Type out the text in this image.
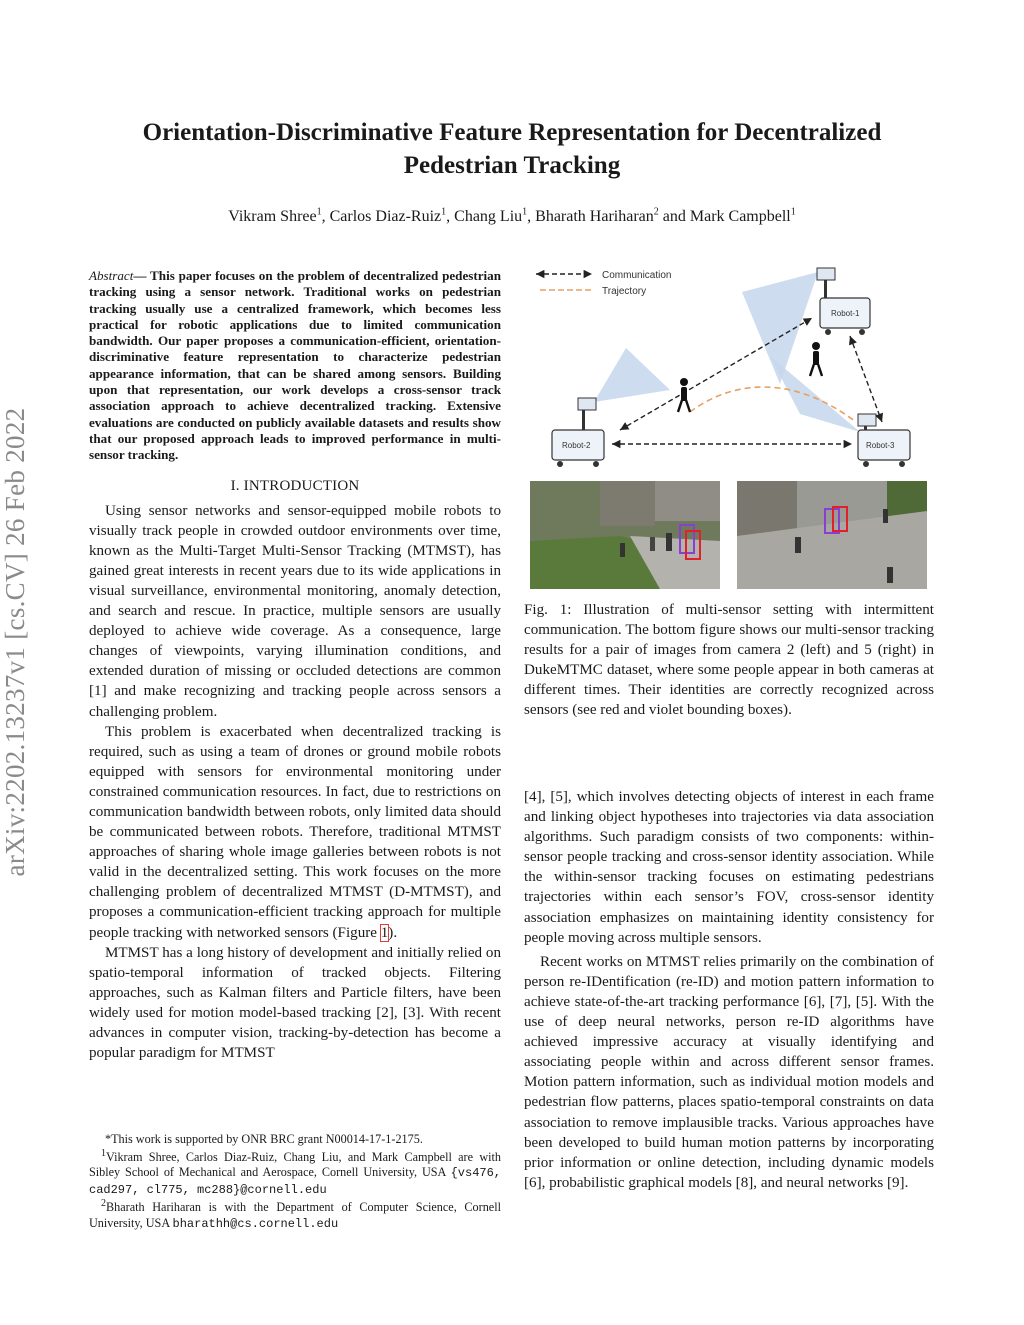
arXiv:2202.13237v1 [cs.CV] 26 Feb 2022
Orientation-Discriminative Feature Representation for Decentralized Pedestrian Tracking
Vikram Shree$^1$, Carlos Diaz-Ruiz$^1$, Chang Liu$^1$, Bharath Hariharan$^2$ and Mark Campbell$^1$

Abstract— This paper focuses on the problem of decentralized pedestrian tracking using a sensor network. Traditional works on pedestrian tracking usually use a centralized framework, which becomes less practical for robotic applications due to limited communication bandwidth. Our paper proposes a communication-efficient, orientation-discriminative feature representation to characterize pedestrian appearance information, that can be shared among sensors. Building upon that representation, our work develops a cross-sensor track association approach to achieve decentralized tracking. Extensive evaluations are conducted on publicly available datasets and results show that our proposed approach leads to improved performance in multi-sensor tracking.

I. INTRODUCTION

Using sensor networks and sensor-equipped mobile robots to visually track people in crowded outdoor environments over time, known as the Multi-Target Multi-Sensor Tracking (MTMST), has gained great interests in recent years due to its wide applications in visual surveillance, environmental monitoring, anomaly detection, and search and rescue. In practice, multiple sensors are usually deployed to achieve wide coverage. As a consequence, large changes of viewpoints, varying illumination conditions, and extended duration of missing or occluded detections are common [1] and make recognizing and tracking people across sensors a challenging problem.

This problem is exacerbated when decentralized tracking is required, such as using a team of drones or ground mobile robots equipped with sensors for environmental monitoring under constrained communication resources. In fact, due to restrictions on communication bandwidth between robots, only limited data should be communicated between robots. Therefore, traditional MTMST approaches of sharing whole image galleries between robots is not valid in the decentralized setting. This work focuses on the more challenging problem of decentralized MTMST (D-MTMST), and proposes a communication-efficient tracking approach for multiple people tracking with networked sensors (Figure 1).

MTMST has a long history of development and initially relied on spatio-temporal information of tracked objects. Filtering approaches, such as Kalman filters and Particle filters, have been widely used for motion model-based tracking [2], [3]. With recent advances in computer vision, tracking-by-detection has become a popular paradigm for MTMST

*This work is supported by ONR BRC grant N00014-17-1-2175.

$^1$Vikram Shree, Carlos Diaz-Ruiz, Chang Liu, and Mark Campbell are with Sibley School of Mechanical and Aerospace, Cornell University, USA {vs476, cad297, cl775, mc288}@cornell.edu

$^2$Bharath Hariharan is with the Department of Computer Science, Cornell University, USA bharathh@cs.cornell.edu

Communication
Trajectory
Robot-1
Robot-2	Robot-3

Fig. 1: Illustration of multi-sensor setting with intermittent communication. The bottom figure shows our multi-sensor tracking results for a pair of images from camera 2 (left) and 5 (right) in DukeMTMC dataset, where some people appear in both cameras at different times. Their identities are correctly recognized across sensors (see red and violet bounding boxes).

[4], [5], which involves detecting objects of interest in each frame and linking object hypotheses into trajectories via data association algorithms. Such paradigm consists of two components: within-sensor people tracking and cross-sensor identity association. While the within-sensor tracking focuses on estimating pedestrians trajectories within each sensor’s FOV, cross-sensor identity association emphasizes on maintaining identity consistency for people moving across multiple sensors.

Recent works on MTMST relies primarily on the combination of person re-IDentification (re-ID) and motion pattern information to achieve state-of-the-art tracking performance [6], [7], [5]. With the use of deep neural networks, person re-ID algorithms have achieved impressive accuracy at visually identifying and associating people within and across different sensor frames. Motion pattern information, such as individual motion models and pedestrian flow patterns, places spatio-temporal constraints on data association to remove implausible tracks. Various approaches have been developed to build human motion patterns by incorporating prior information or online detection, including dynamic models [6], probabilistic graphical models [8], and neural networks [9].
